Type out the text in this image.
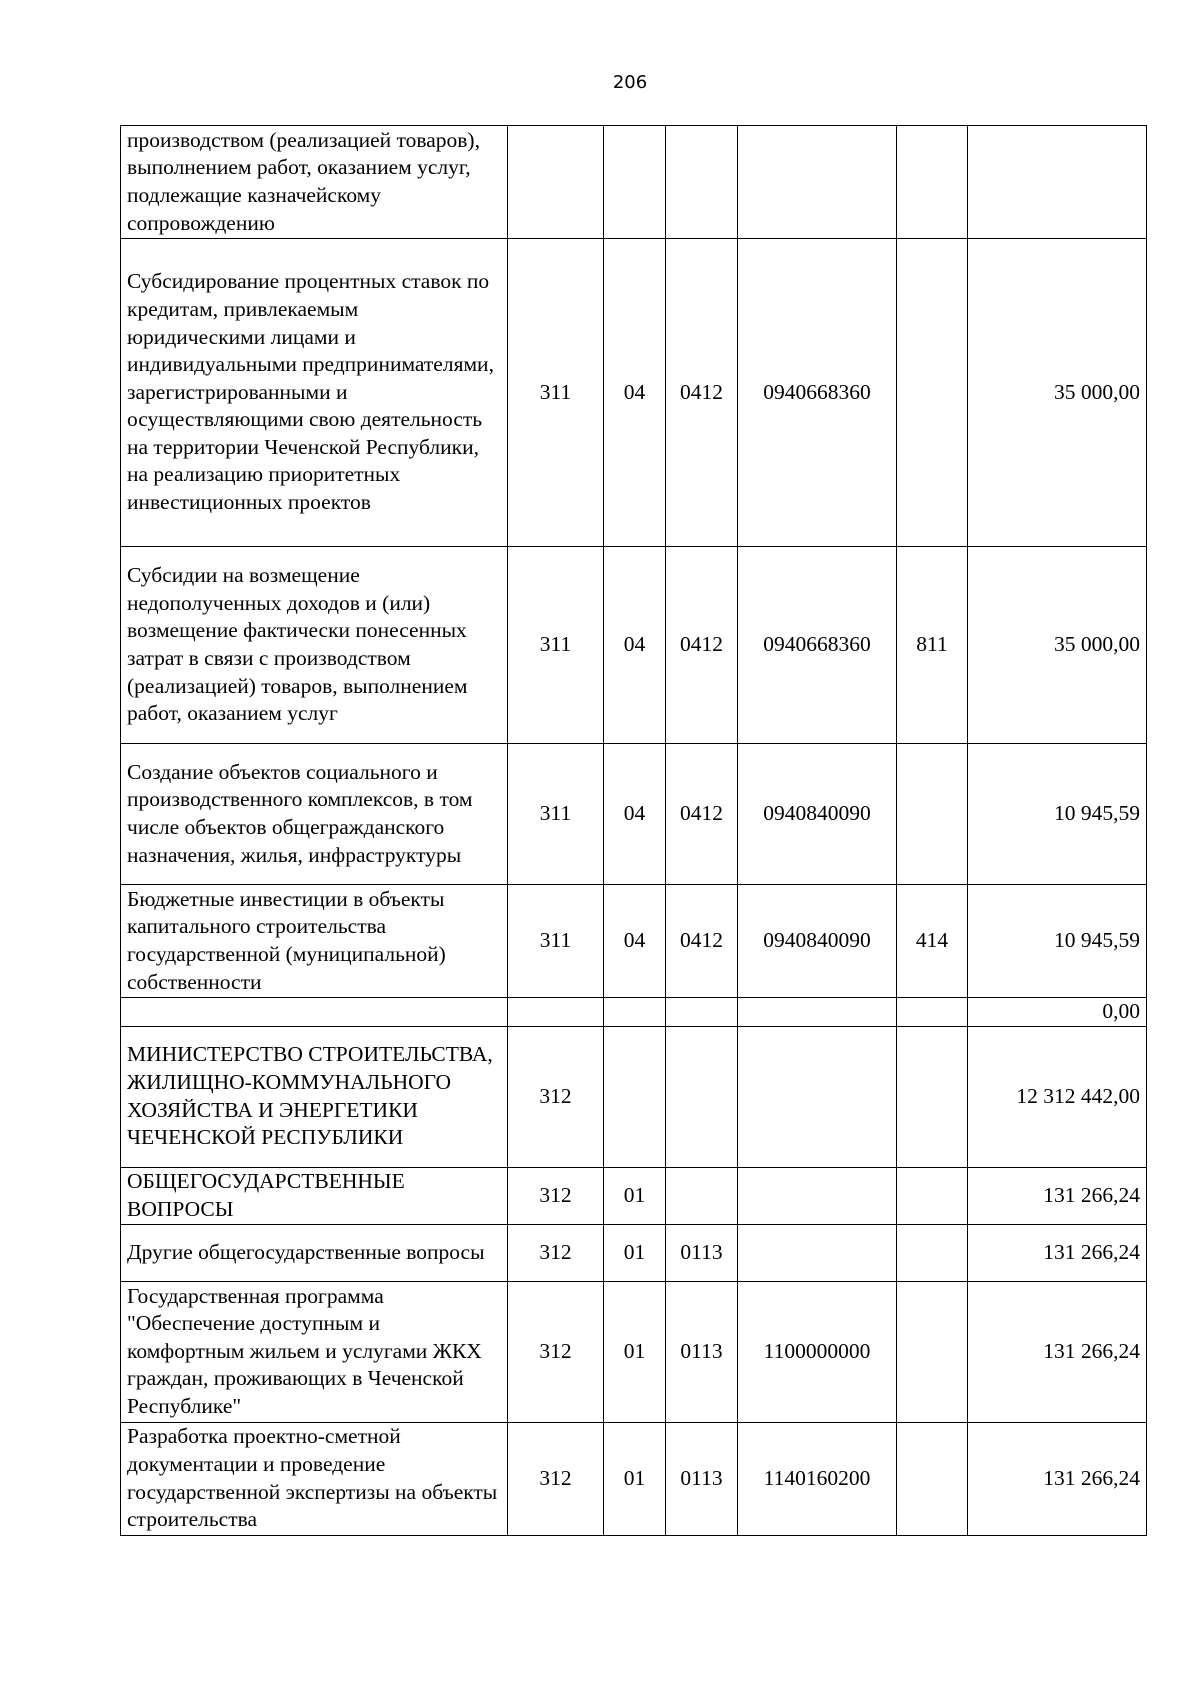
206
производством (реализацией товаров), выполнением работ, оказанием услуг, подлежащие казначейскому сопровождению						
Субсидирование процентных ставок по кредитам, привлекаемым юридическими лицами и индивидуальными предпринимателями, зарегистрированными и осуществляющими свою деятельность на территории Чеченской Республики, на реализацию приоритетных инвестиционных проектов	311	04	0412	0940668360		35 000,00
Субсидии на возмещение недополученных доходов и (или) возмещение фактически понесенных затрат в связи с производством (реализацией) товаров, выполнением работ, оказанием услуг	311	04	0412	0940668360	811	35 000,00
Создание объектов социального и производственного комплексов, в том числе объектов общегражданского назначения, жилья, инфраструктуры	311	04	0412	0940840090		10 945,59
Бюджетные инвестиции в объекты капитального строительства государственной (муниципальной) собственности	311	04	0412	0940840090	414	10 945,59
						0,00
МИНИСТЕРСТВО СТРОИТЕЛЬСТВА, ЖИЛИЩНО-КОММУНАЛЬНОГО ХОЗЯЙСТВА И ЭНЕРГЕТИКИ ЧЕЧЕНСКОЙ РЕСПУБЛИКИ	312					12 312 442,00
ОБЩЕГОСУДАРСТВЕННЫЕ ВОПРОСЫ	312	01				131 266,24
Другие общегосударственные вопросы	312	01	0113			131 266,24
Государственная программа "Обеспечение доступным и комфортным жильем и услугами ЖКХ граждан, проживающих в Чеченской Республике"	312	01	0113	1100000000		131 266,24
Разработка проектно-сметной документации и проведение государственной экспертизы на объекты строительства	312	01	0113	1140160200		131 266,24
